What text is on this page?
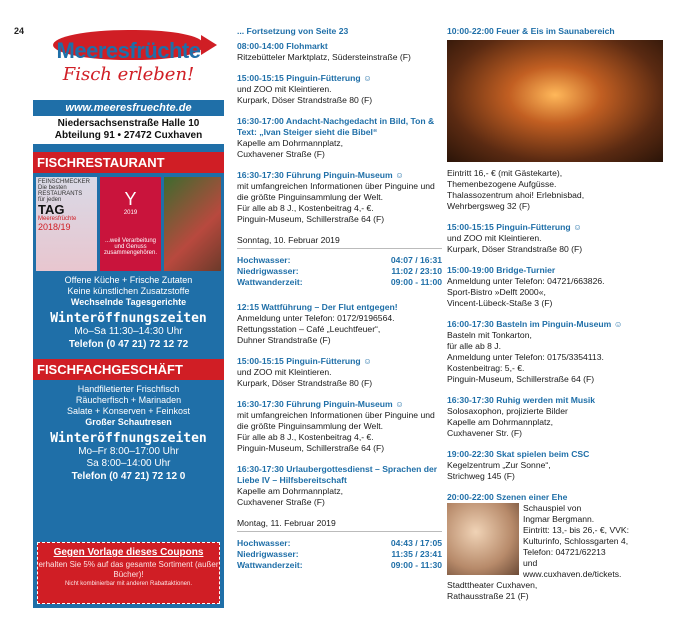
24
Meeresfrüchte
Fisch erleben!
www.meeresfruechte.de
Niedersachsenstraße Halle 10
Abteilung 91 • 27472 Cuxhaven
FISCHRESTAURANT
FEINSCHMECKER
Die besten
RESTAURANTS
für jeden
TAG
Meeresfrüchte
2018/19
Y
2019
...weil Verarbeitung und Genuss zusammengehören.

Offene Küche + Frische Zutaten

Keine künstlichen Zusatzstoffe

Wechselnde Tagesgerichte

Winteröffnungszeiten
Mo–Sa 11:30–14:30 Uhr
Telefon (0 47 21) 72 12 72
FISCHFACHGESCHÄFT

Handfiletierter Frischfisch

Räucherfisch + Marinaden

Salate + Konserven + Feinkost

Großer Schautresen

Winteröffnungszeiten
Mo–Fr 8:00–17:00 Uhr
Sa 8:00–14:00 Uhr
Telefon (0 47 21) 72 12 0
Gegen Vorlage dieses Coupons
erhalten Sie 5% auf das gesamte Sortiment (außer Bücher)!
Nicht kombinierbar mit anderen Rabattaktionen.
... Fortsetzung von Seite 23
08:00-14:00 Flohmarkt
Ritzebütteler Marktplatz, Südersteinstraße (F)
15:00-15:15 Pinguin-Fütterung ☺
und ZOO mit Kleintieren.
Kurpark, Döser Strandstraße 80 (F)
16:30-17:00 Andacht-Nachgedacht in Bild, Ton & Text: „Ivan Steiger sieht die Bibel“
Kapelle am Dohrmannplatz,
Cuxhavener Straße (F)
16:30-17:30 Führung Pinguin-Museum ☺
mit umfangreichen Informationen über Pinguine und die größte Pinguinsammlung der Welt.
Für alle ab 8 J., Kostenbeitrag 4,- €.
Pinguin-Museum, Schillerstraße 64 (F)
Sonntag, 10. Februar 2019
Hochwasser:	04:07 / 16:31
Niedrigwasser:	11:02 / 23:10
Wattwanderzeit:	09:00 - 11:00
12:15 Wattführung – Der Flut entgegen!
Anmeldung unter Telefon: 0172/9196564.
Rettungsstation – Café „Leuchtfeuer“,
Duhner Strandstraße (F)
15:00-15:15 Pinguin-Fütterung ☺
und ZOO mit Kleintieren.
Kurpark, Döser Strandstraße 80 (F)
16:30-17:30 Führung Pinguin-Museum ☺
mit umfangreichen Informationen über Pinguine und die größte Pinguinsammlung der Welt.
Für alle ab 8 J., Kostenbeitrag 4,- €.
Pinguin-Museum, Schillerstraße 64 (F)
16:30-17:30 Urlaubergottesdienst – Sprachen der Liebe IV – Hilfsbereitschaft
Kapelle am Dohrmannplatz,
Cuxhavener Straße (F)
Montag, 11. Februar 2019
Hochwasser:	04:43 / 17:05
Niedrigwasser:	11:35 / 23:41
Wattwanderzeit:	09:00 - 11:30
10:00-22:00 Feuer & Eis im Saunabereich
Eintritt 16,- € (mit Gästekarte),
Themenbezogene Aufgüsse.
Thalassozentrum ahoi! Erlebnisbad,
Wehrbergsweg 32 (F)
15:00-15:15 Pinguin-Fütterung ☺
und ZOO mit Kleintieren.
Kurpark, Döser Strandstraße 80 (F)
15:00-19:00 Bridge-Turnier
Anmeldung unter Telefon: 04721/663826.
Sport-Bistro »Delft 2000«,
Vincent-Lübeck-Staße 3 (F)
16:00-17:30 Basteln im Pinguin-Museum ☺
Basteln mit Tonkarton,
für alle ab 8 J.
Anmeldung unter Telefon: 0175/3354113.
Kostenbeitrag: 5,- €.
Pinguin-Museum, Schillerstraße 64 (F)
16:30-17:30 Ruhig werden mit Musik
Solosaxophon, projizierte Bilder
Kapelle am Dohrmannplatz,
Cuxhavener Str. (F)
19:00-22:30 Skat spielen beim CSC
Kegelzentrum „Zur Sonne“,
Strichweg 145 (F)
20:00-22:00 Szenen einer Ehe
Schauspiel von
Ingmar Bergmann.
Eintritt: 13,- bis 26,- €, VVK:
Kulturinfo, Schlossgarten 4,
Telefon: 04721/62213
und
www.cuxhaven.de/tickets.
Stadttheater Cuxhaven,
Rathausstraße 21 (F)
